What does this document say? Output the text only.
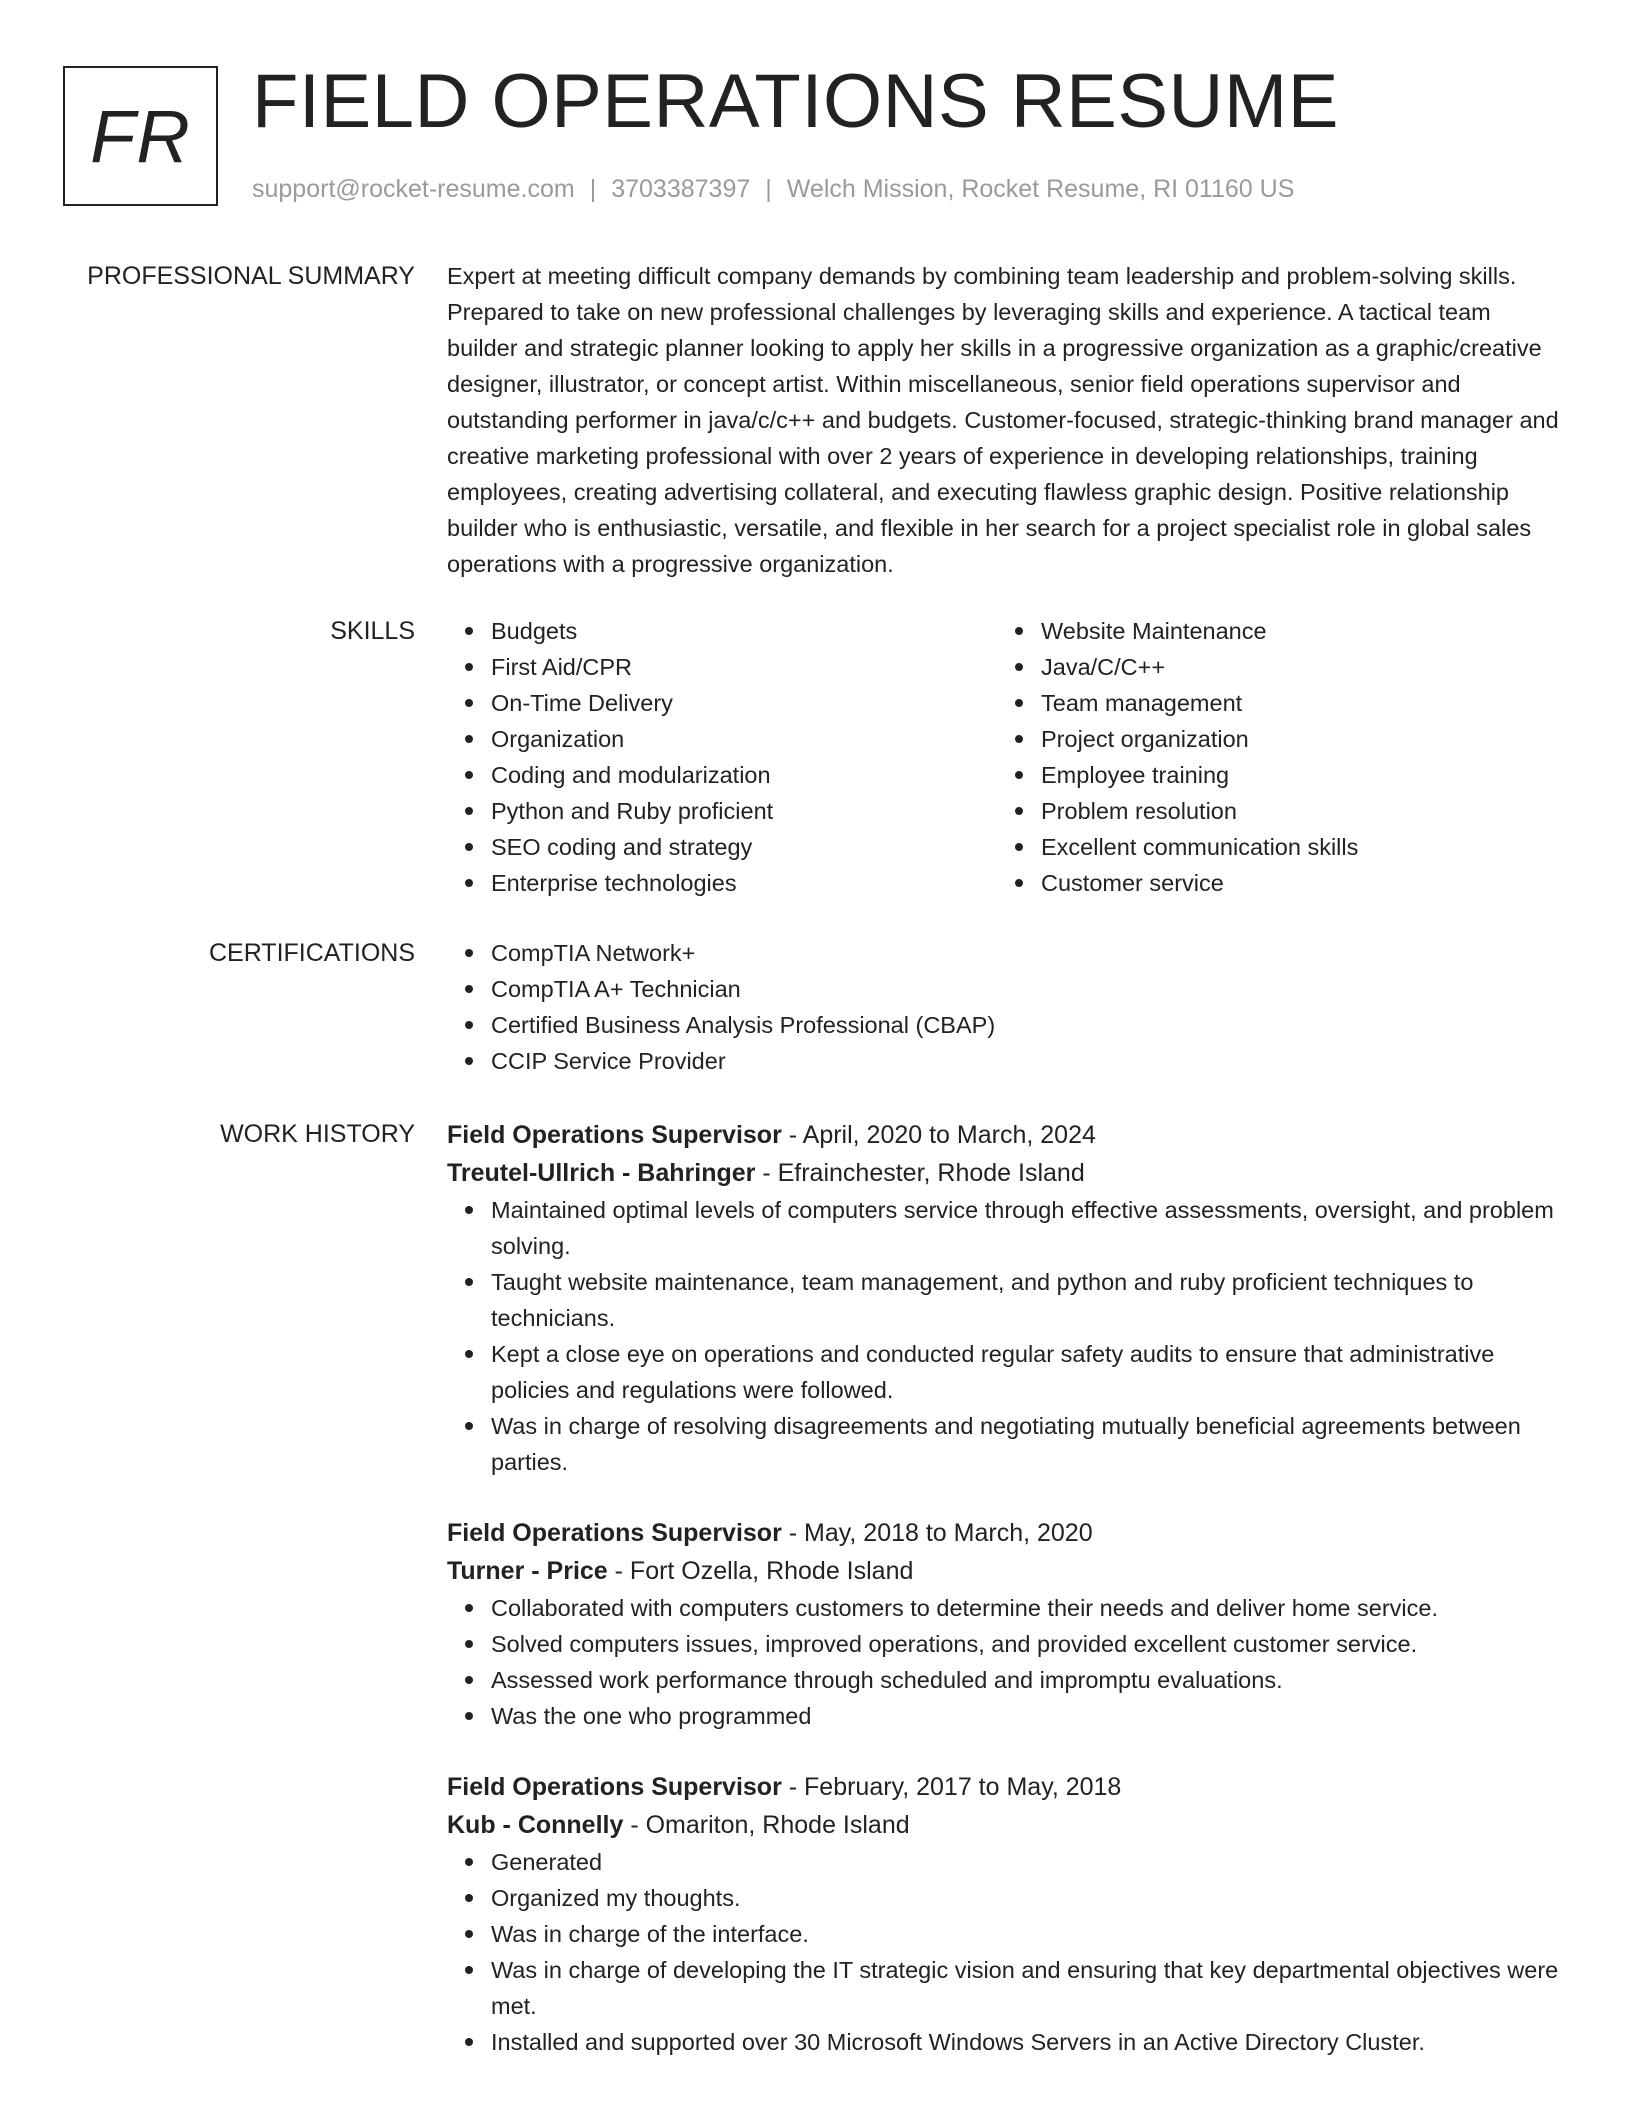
FR FIELD OPERATIONS RESUME
support@rocket-resume.com | 3703387397 | Welch Mission, Rocket Resume, RI 01160 US
PROFESSIONAL SUMMARY Expert at meeting difficult company demands by combining team leadership and problem-solving skills. Prepared to take on new professional challenges by leveraging skills and experience. A tactical team builder and strategic planner looking to apply her skills in a progressive organization as a graphic/creative designer, illustrator, or concept artist. Within miscellaneous, senior field operations supervisor and outstanding performer in java/c/c++ and budgets. Customer-focused, strategic-thinking brand manager and creative marketing professional with over 2 years of experience in developing relationships, training employees, creating advertising collateral, and executing flawless graphic design. Positive relationship builder who is enthusiastic, versatile, and flexible in her search for a project specialist role in global sales operations with a progressive organization.

SKILLS	Budgets
First Aid/CPR
On-Time Delivery
Organization
Coding and modularization
Python and Ruby proficient
SEO coding and strategy
Enterprise technologies
Website Maintenance
Java/C/C++
Team management
Project organization
Employee training
Problem resolution
Excellent communication skills
Customer service
CERTIFICATIONS	CompTIA Network+
CompTIA A+ Technician
Certified Business Analysis Professional (CBAP)
CCIP Service Provider
WORK HISTORY Field Operations Supervisor - April, 2020 to March, 2024
Treutel-Ullrich - Bahringer - Efrainchester, Rhode Island
Maintained optimal levels of computers service through effective assessments, oversight, and problem solving.
Taught website maintenance, team management, and python and ruby proficient techniques to technicians.
Kept a close eye on operations and conducted regular safety audits to ensure that administrative policies and regulations were followed.
Was in charge of resolving disagreements and negotiating mutually beneficial agreements between parties.
Field Operations Supervisor - May, 2018 to March, 2020
Turner - Price - Fort Ozella, Rhode Island
Collaborated with computers customers to determine their needs and deliver home service.
Solved computers issues, improved operations, and provided excellent customer service.
Assessed work performance through scheduled and impromptu evaluations.
Was the one who programmed
Field Operations Supervisor - February, 2017 to May, 2018
Kub - Connelly - Omariton, Rhode Island
Generated
Organized my thoughts.
Was in charge of the interface.
Was in charge of developing the IT strategic vision and ensuring that key departmental objectives were met.
Installed and supported over 30 Microsoft Windows Servers in an Active Directory Cluster.
